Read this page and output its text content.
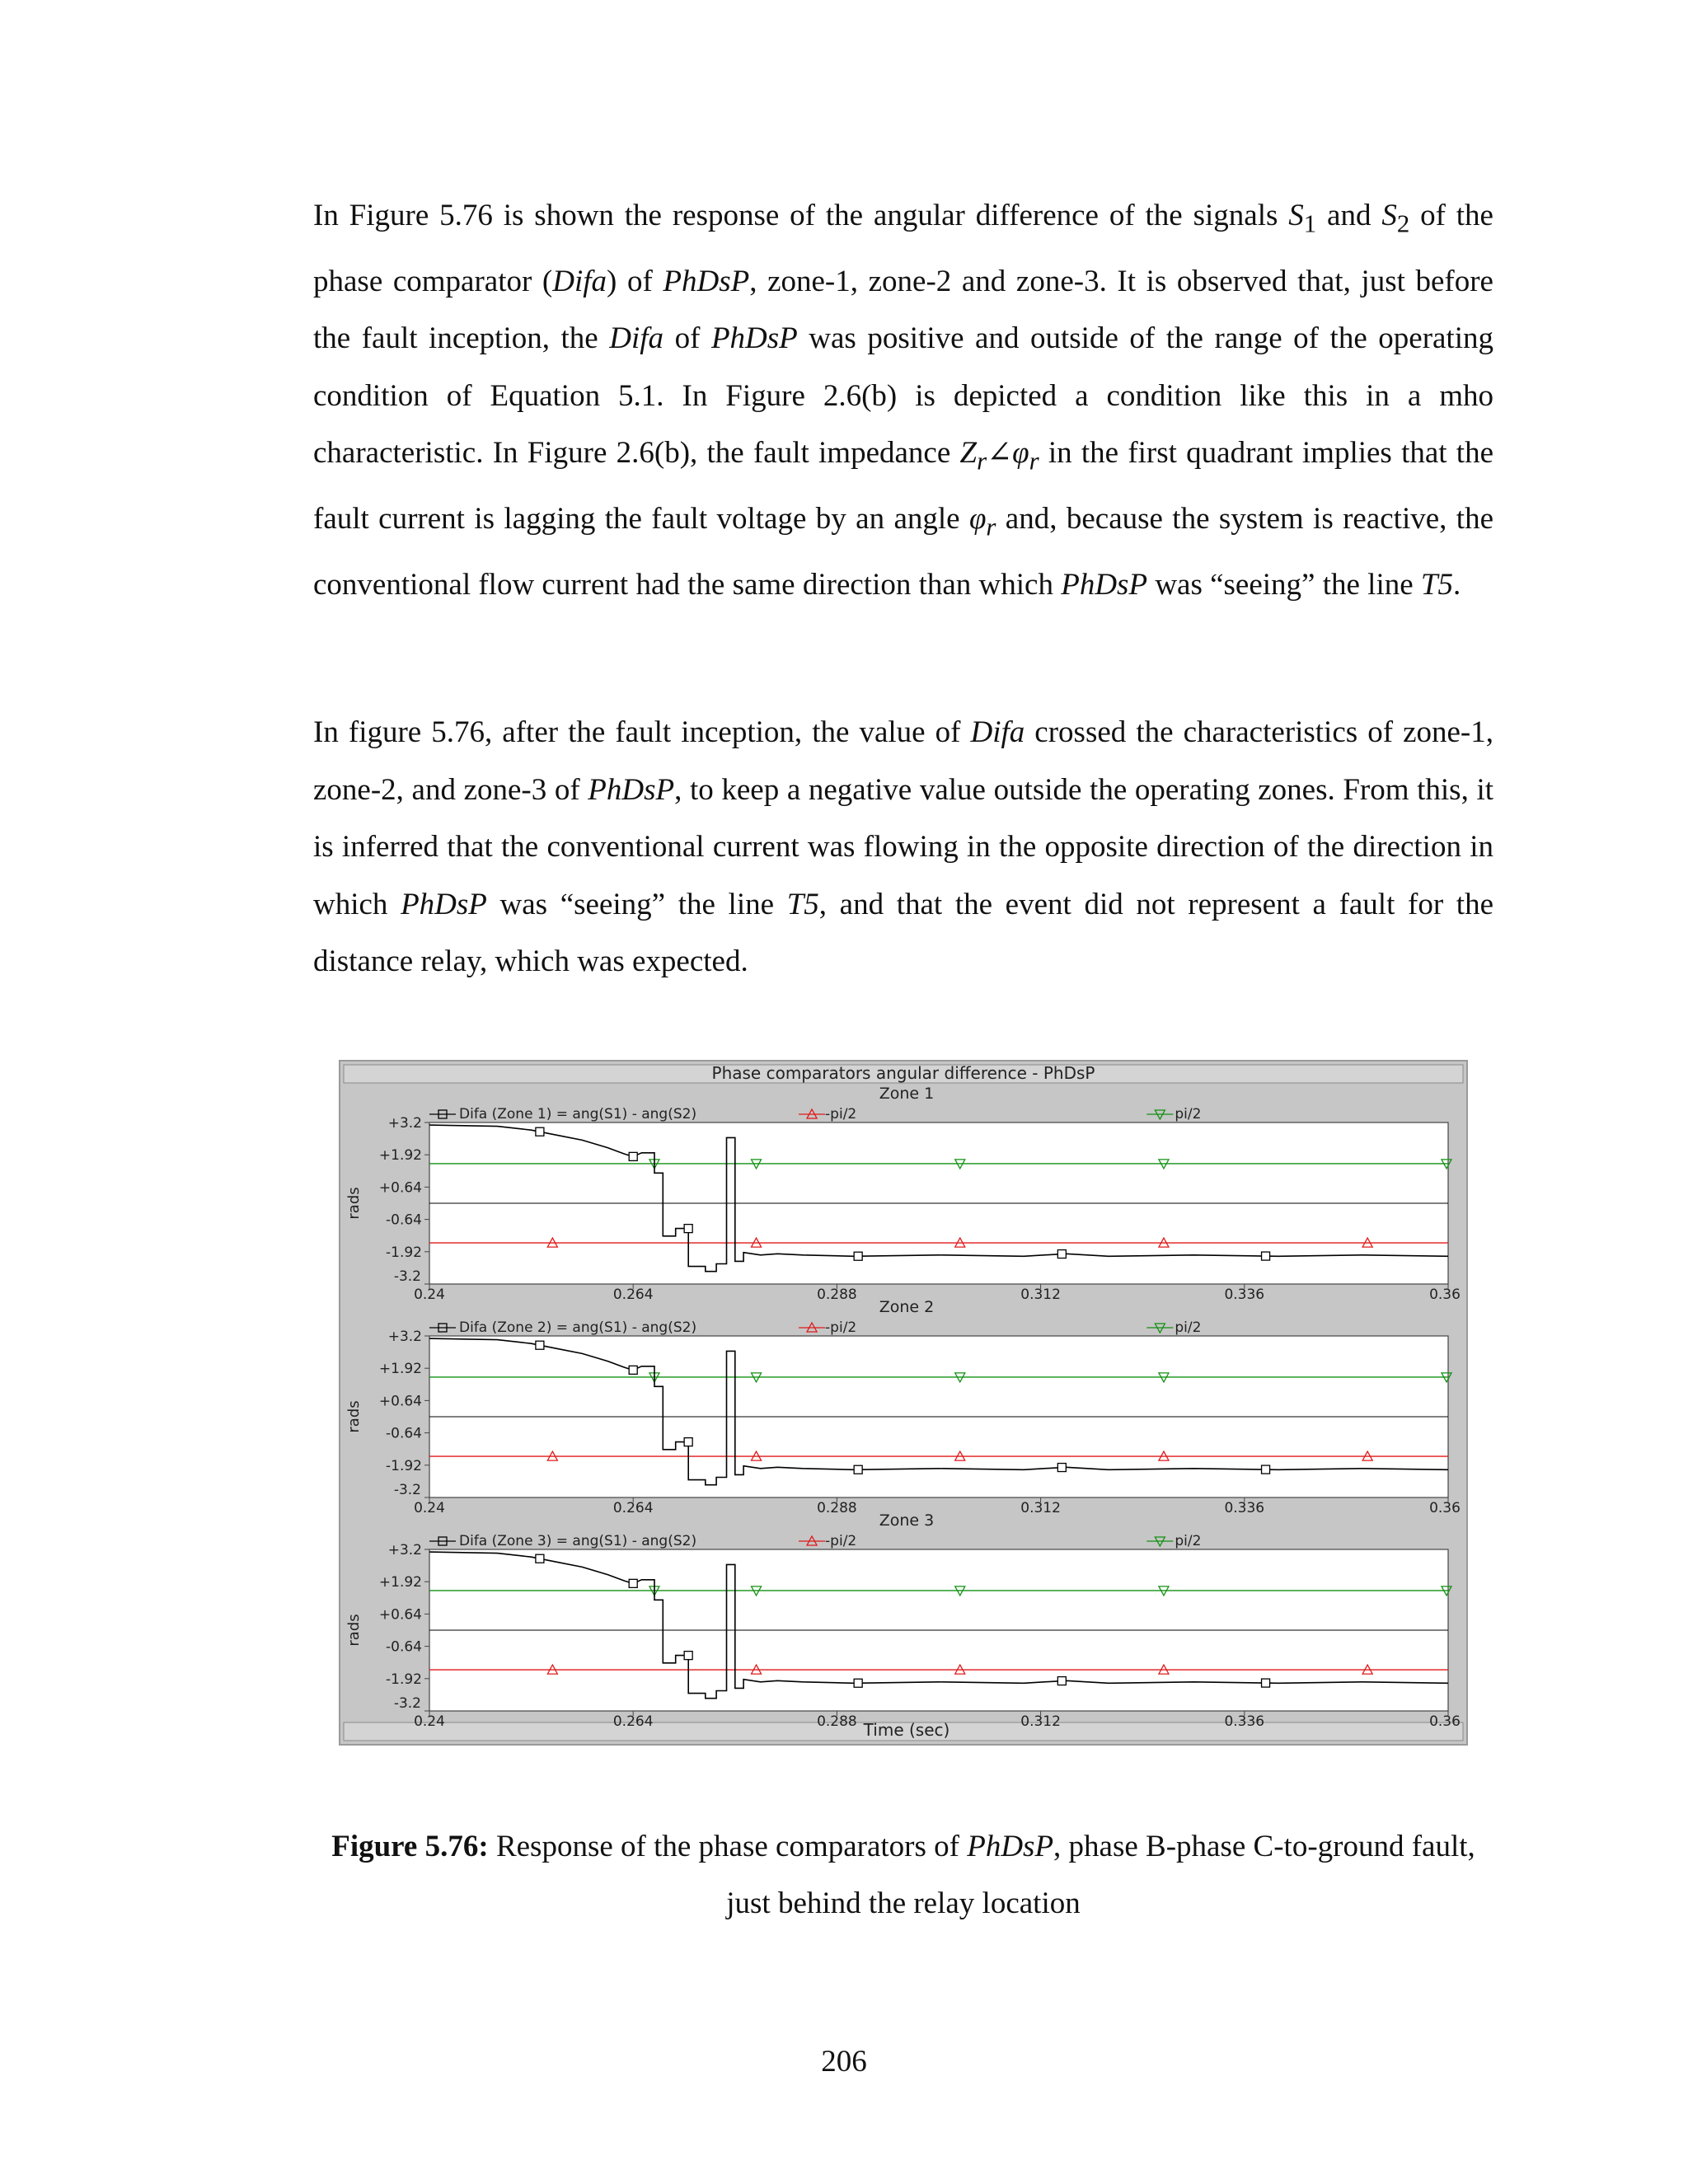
In Figure 5.76 is shown the response of the angular difference of the signals $S_1$ and $S_2$ of the phase comparator (Difa) of PhDsP, zone-1, zone-2 and zone-3. It is observed that, just before the fault inception, the Difa of PhDsP was positive and outside of the range of the operating condition of Equation 5.1. In Figure 2.6(b) is depicted a condition like this in a mho characteristic. In Figure 2.6(b), the fault impedance $Z_r\angle\varphi_r$ in the first quadrant implies that the fault current is lagging the fault voltage by an angle $\varphi_r$ and, because the system is reactive, the conventional flow current had the same direction than which PhDsP was “seeing” the line T5.

In figure 5.76, after the fault inception, the value of Difa crossed the characteristics of zone-1, zone-2, and zone-3 of PhDsP, to keep a negative value outside the operating zones. From this, it is inferred that the conventional current was flowing in the opposite direction of the direction in which PhDsP was “seeing” the line T5, and that the event did not represent a fault for the distance relay, which was expected.

Phase comparators angular difference - PhDsP
Zone 1
Difa (Zone 1) = ang(S1) - ang(S2)	-pi/2	pi/2
+3.2
+1.92
+0.64
-0.64
-1.92
-3.2
rads
0.24	0.264	0.288	0.312	0.336	0.36
Zone 2
Difa (Zone 2) = ang(S1) - ang(S2)	-pi/2	pi/2
+3.2
+1.92
+0.64
-0.64
-1.92
-3.2
rads
0.24	0.264	0.288	0.312	0.336	0.36
Zone 3
Difa (Zone 3) = ang(S1) - ang(S2)	-pi/2	pi/2
+3.2
+1.92
+0.64
-0.64
-1.92
-3.2
rads
0.24	0.264	0.288	0.312	0.336	0.36
Time (sec)

Figure 5.76: Response of the phase comparators of PhDsP, phase B-phase C-to-ground fault, just behind the relay location

206
